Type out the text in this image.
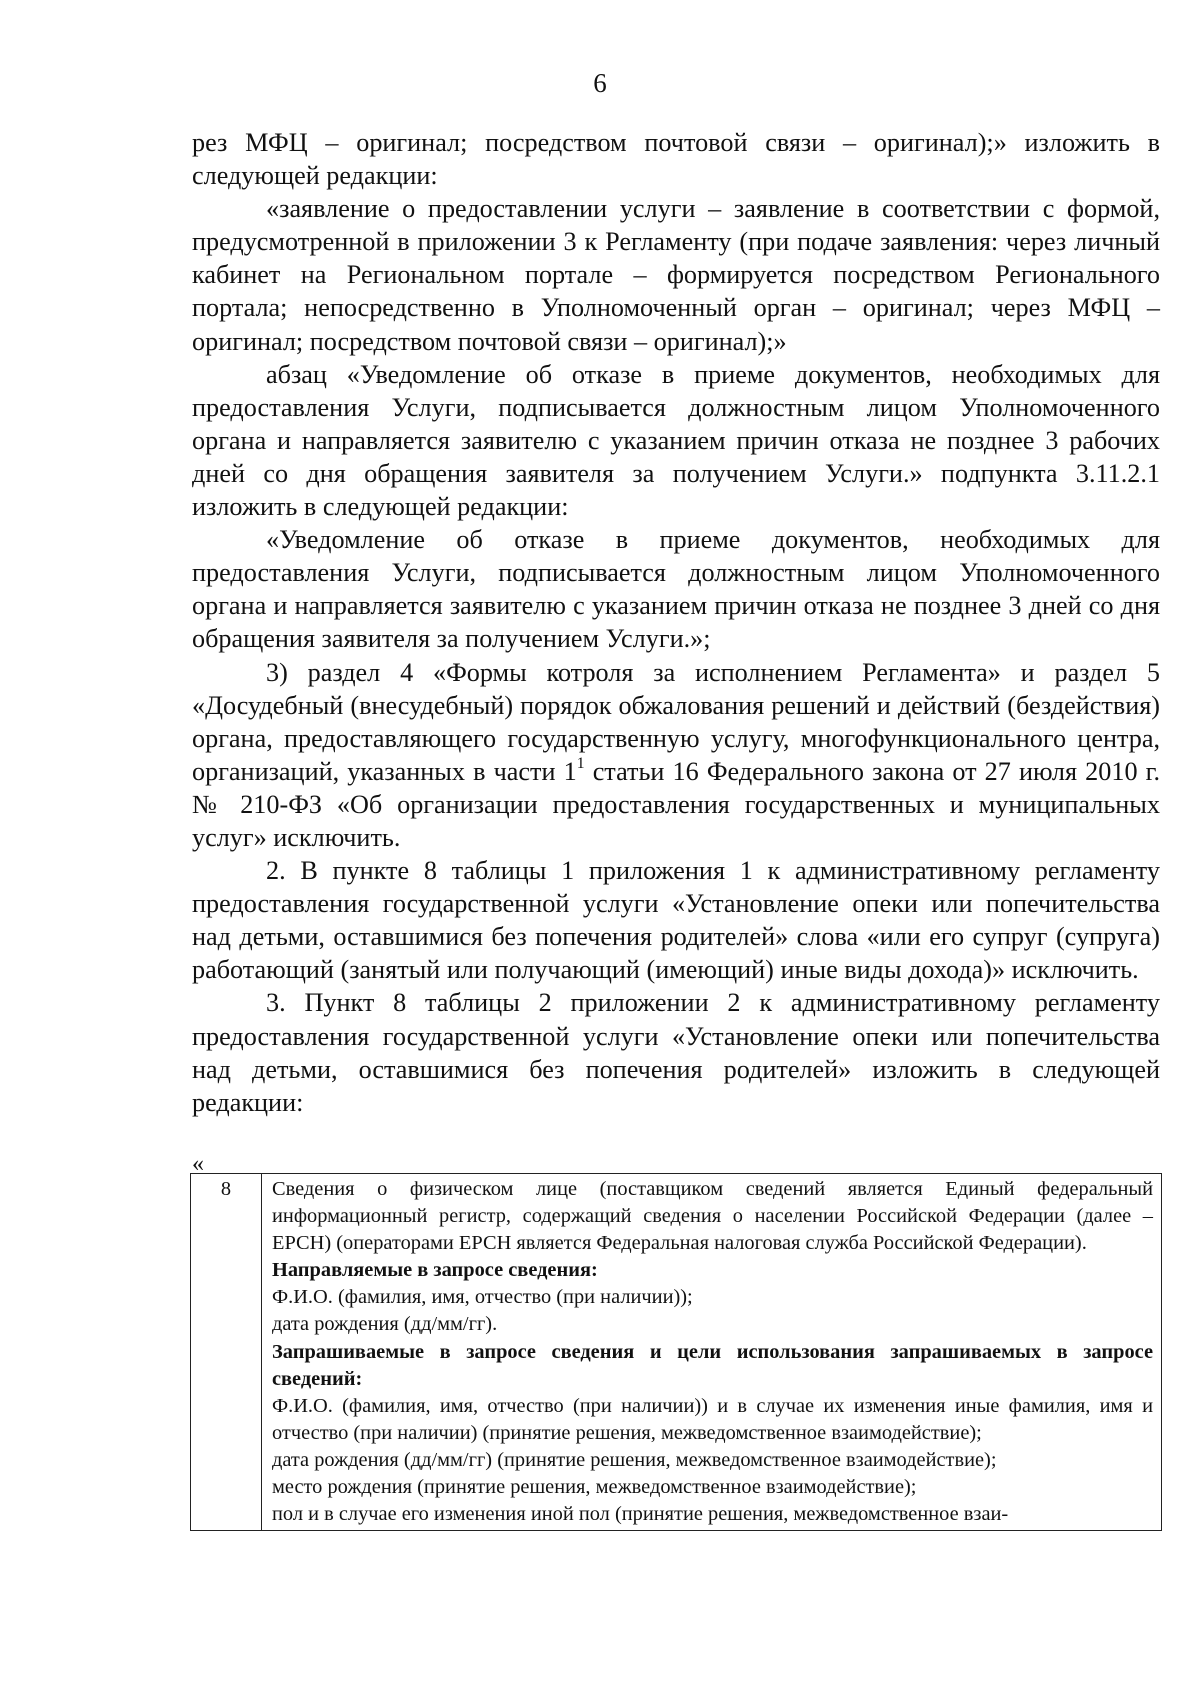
6

рез МФЦ – оригинал; посредством почтовой связи – оригинал);» изложить в следующей редакции:

«заявление о предоставлении услуги – заявление в соответствии с формой, предусмотренной в приложении 3 к Регламенту (при подаче заявления: через личный кабинет на Региональном портале – формируется посредством Регионального портала; непосредственно в Уполномоченный орган – оригинал; через МФЦ – оригинал; посредством почтовой связи – оригинал);»

абзац «Уведомление об отказе в приеме документов, необходимых для предоставления Услуги, подписывается должностным лицом Уполномоченного органа и направляется заявителю с указанием причин отказа не позднее 3 рабочих дней со дня обращения заявителя за получением Услуги.» подпункта 3.11.2.1 изложить в следующей редакции:

«Уведомление об отказе в приеме документов, необходимых для предоставления Услуги, подписывается должностным лицом Уполномоченного органа и направляется заявителю с указанием причин отказа не позднее 3 дней со дня обращения заявителя за получением Услуги.»;

3) раздел 4 «Формы котроля за исполнением Регламента» и раздел 5 «Досудебный (внесудебный) порядок обжалования решений и действий (бездействия) органа, предоставляющего государственную услугу, многофункционального центра, организаций, указанных в части $1^1$ статьи 16 Федерального закона от 27 июля 2010 г. № 210-ФЗ «Об организации предоставления государственных и муниципальных услуг» исключить.

2. В пункте 8 таблицы 1 приложения 1 к административному регламенту предоставления государственной услуги «Установление опеки или попечительства над детьми, оставшимися без попечения родителей» слова «или его супруг (супруга) работающий (занятый или получающий (имеющий) иные виды дохода)» исключить.

3. Пункт 8 таблицы 2 приложении 2 к административному регламенту предоставления государственной услуги «Установление опеки или попечительства над детьми, оставшимися без попечения родителей» изложить в следующей редакции:

«
8	Сведения о физическом лице (поставщиком сведений является Единый федеральный информационный регистр, содержащий сведения о населении Российской Федерации (далее – ЕРСН) (операторами ЕРСН является Федеральная налоговая служба Российской Федерации).
Направляемые в запросе сведения:
Ф.И.О. (фамилия, имя, отчество (при наличии));
дата рождения (дд/мм/гг).
Запрашиваемые в запросе сведения и цели использования запрашиваемых в запросе сведений:
Ф.И.О. (фамилия, имя, отчество (при наличии)) и в случае их изменения иные фамилия, имя и отчество (при наличии) (принятие решения, межведомственное взаимодействие);
дата рождения (дд/мм/гг) (принятие решения, межведомственное взаимодействие);
место рождения (принятие решения, межведомственное взаимодействие);
пол и в случае его изменения иной пол (принятие решения, межведомственное взаи-
